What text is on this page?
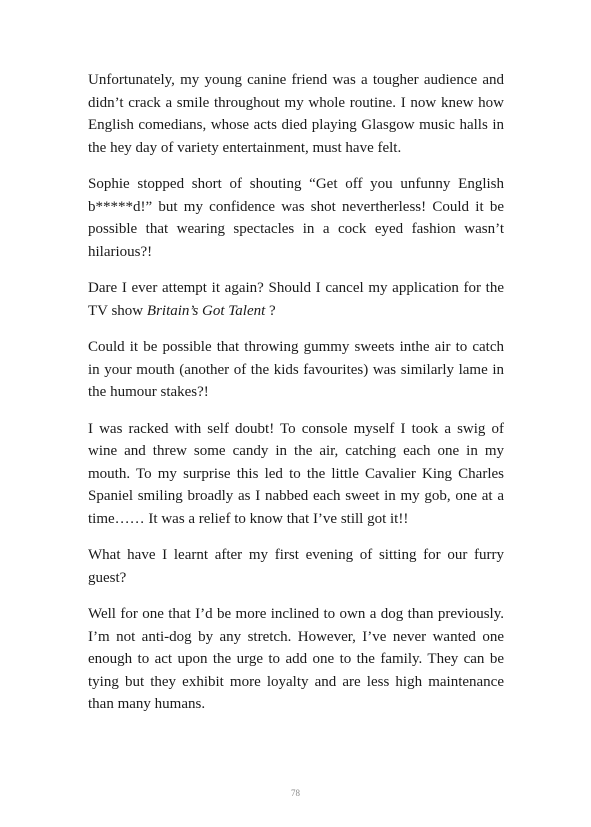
Unfortunately, my young canine friend was a tougher audience and didn’t crack a smile throughout my whole routine. I now knew how English comedians, whose acts died playing Glasgow music halls in the hey day of variety entertainment, must have felt.

Sophie stopped short of shouting “Get off you unfunny English b*****d!” but my confidence was shot nevertherless! Could it be possible that wearing spectacles in a cock eyed fashion wasn’t hilarious?!

Dare I ever attempt it again? Should I cancel my application for the TV show Britain’s Got Talent ?

Could it be possible that throwing gummy sweets inthe air to catch in your mouth (another of the kids favourites) was similarly lame in the humour stakes?!

I was racked with self doubt! To console myself I took a swig of wine and threw some candy in the air, catching each one in my mouth. To my surprise this led to the little Cavalier King Charles Spaniel smiling broadly as I nabbed each sweet in my gob, one at a time…… It was a relief to know that I’ve still got it!!

What have I learnt after my first evening of sitting for our furry guest?

Well for one that I’d be more inclined to own a dog than previously. I’m not anti-dog by any stretch. However, I’ve never wanted one enough to act upon the urge to add one to the family. They can be tying but they exhibit more loyalty and are less high maintenance than many humans.

78
